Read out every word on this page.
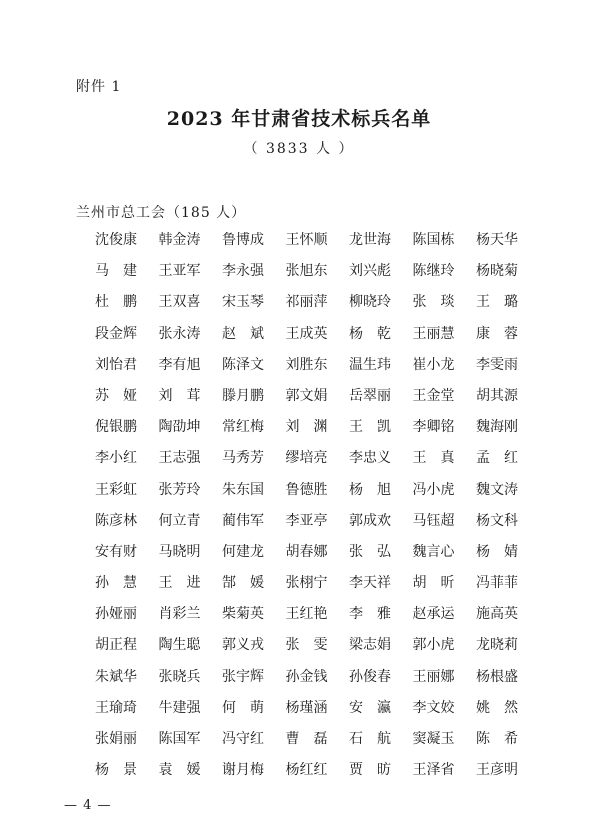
附件 1
2023 年甘肃省技术标兵名单
（ 3833 人 ）
兰州市总工会（185 人）
沈俊康	韩金涛	鲁博成	王怀顺	龙世海	陈国栋	杨天华
马　建	王亚军	李永强	张旭东	刘兴彪	陈继玲	杨晓菊
杜　鹏	王双喜	宋玉琴	祁丽萍	柳晓玲	张　琰	王　璐
段金辉	张永涛	赵　斌	王成英	杨　乾	王丽慧	康　蓉
刘怡君	李有旭	陈泽文	刘胜东	温生玮	崔小龙	李雯雨
苏　娅	刘　茸	滕月鹏	郭文娟	岳翠丽	王金堂	胡其源
倪银鹏	陶劭坤	常红梅	刘　渊	王　凯	李卿铭	魏海刚
李小红	王志强	马秀芳	缪培亮	李忠义	王　真	孟　红
王彩虹	张芳玲	朱东国	鲁德胜	杨　旭	冯小虎	魏文涛
陈彦林	何立青	蔺伟军	李亚亭	郭成欢	马钰超	杨文科
安有财	马晓明	何建龙	胡春娜	张　弘	魏言心	杨　婧
孙　慧	王　进	郜　媛	张栩宁	李天祥	胡　昕	冯菲菲
孙娅丽	肖彩兰	柴菊英	王红艳	李　雅	赵承运	施高英
胡正程	陶生聪	郭义戎	张　雯	梁志娟	郭小虎	龙晓莉
朱斌华	张晓兵	张宇辉	孙金钱	孙俊春	王丽娜	杨根盛
王瑜琦	牛建强	何　萌	杨瑾涵	安　瀛	李文姣	姚　然
张娟丽	陈国军	冯守红	曹　磊	石　航	窦凝玉	陈　希
杨　景	袁　媛	谢月梅	杨红红	贾　昉	王泽省	王彦明
— 4 —
